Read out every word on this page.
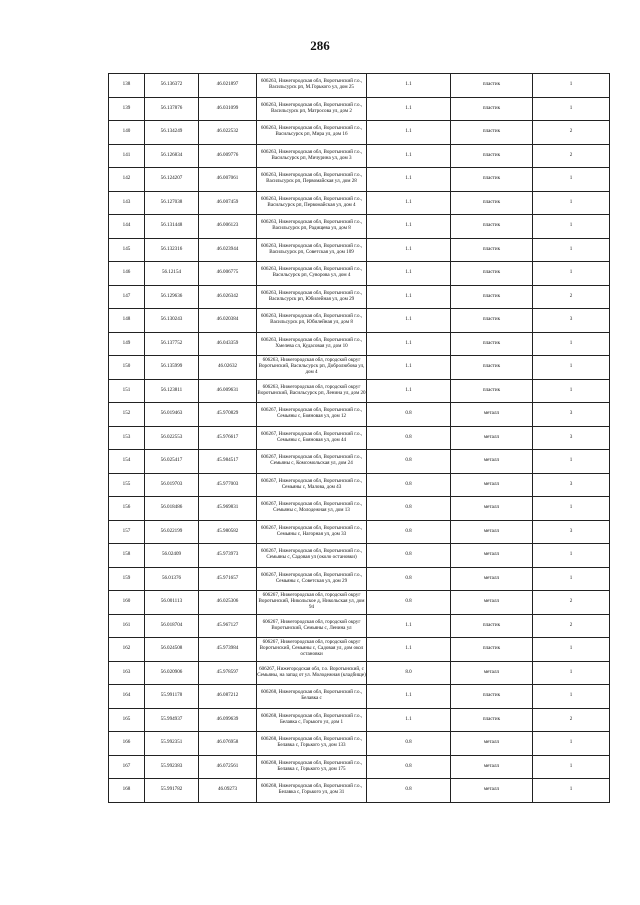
286
138	56.136372	46.021897	606263, Нижегородская обл, Воротынский г.о., Васильсурск рп, М.Горького ул, дом 25	1.1	пластик	1
139	56.137876	46.031099	606263, Нижегородская обл, Воротынский г.о., Васильсурск рп, Матросова ул, дом 2	1.1	пластик	1
140	56.134249	46.022532	606263, Нижегородская обл, Воротынский г.о., Васильсурск рп, Мира ул, дом 16	1.1	пластик	2
141	56.126834	46.009776	606263, Нижегородская обл, Воротынский г.о., Васильсурск рп, Мичурина ул, дом 3	1.1	пластик	2
142	56.124207	46.007061	606263, Нижегородская обл, Воротынский г.о., Васильсурск рп, Первомайская ул, дом 28	1.1	пластик	1
143	56.127038	46.007459	606263, Нижегородская обл, Воротынский г.о., Васильсурск рп, Первомайская ул, дом 4	1.1	пластик	1
144	56.131448	46.006123	606263, Нижегородская обл, Воротынский г.о., Васильсурск рп, Радищева ул, дом 8	1.1	пластик	1
145	56.132316	46.023944	606263, Нижегородская обл, Воротынский г.о., Васильсурск рп, Советская ул, дом 109	1.1	пластик	1
146	56.12154	46.006775	606263, Нижегородская обл, Воротынский г.о., Васильсурск рп, Суворова ул, дом 4	1.1	пластик	1
147	56.129636	46.026342	606263, Нижегородская обл, Воротынский г.о., Васильсурск рп, Юбилейная ул, дом 29	1.1	пластик	2
148	56.130243	46.020384	606263, Нижегородская обл, Воротынский г.о., Васильсурск рп, Юбилейная ул, дом 8	1.1	пластик	3
149	56.137752	46.043359	606263, Нижегородская обл, Воротынский г.о., Хмелева сл, Кудасовая ул, дом 10	1.1	пластик	1
150	56.135999	46.02632	606263, Нижегородская обл, городской округ Воротынский, Васильсурск рп, Добролюбова ул, дом 4	1.1	пластик	1
151	56.123811	46.009631	606263, Нижегородская обл, городской округ Воротынский, Васильсурск рп, Ленина ул, дом 20	1.1	пластик	1
152	56.019463	45.970829	606267, Нижегородская обл, Воротынский г.о., Семьяны с, Бояновая ул, дом 12	0.8	металл	3
153	56.022553	45.976617	606267, Нижегородская обл, Воротынский г.о., Семьяны с, Бояновая ул, дом 44	0.8	металл	3
154	56.025417	45.984517	606267, Нижегородская обл, Воротынский г.о., Семьяны с, Комсомольская ул, дом 24	0.8	металл	1
155	56.019703	45.977003	606267, Нижегородская обл, Воротынский г.о., Семьяны с, Малова, дом 43	0.8	металл	3
156	56.018486	45.969831	606267, Нижегородская обл, Воротынский г.о., Семьяны с, Молодежная ул, дом 13	0.8	металл	1
157	56.022199	45.980582	606267, Нижегородская обл, Воротынский г.о., Семьяны с, Нагорная ул, дом 33	0.8	металл	3
158	56.02409	45.973973	606267, Нижегородская обл, Воротынский г.о., Семьяны с, Садовая ул (около остановки)	0.8	металл	1
159	56.01376	45.971657	606267, Нижегородская обл, Воротынский г.о., Семьяны с, Советская ул, дом 29	0.8	металл	1
160	56.001113	46.025306	606267, Нижегородская обл, городской округ Воротынский, Никольское д, Никольская ул, дом 94	0.8	металл	2
161	56.018704	45.967127	606267, Нижегородская обл, городской округ Воротынский, Семьяны с, Ленина ул	1.1	пластик	2
162	56.024508	45.973984	606267, Нижегородская обл, городской округ Воротынский, Семьяны с, Садовая ул, дом окол остановки	1.1	пластик	1
163	56.020906	45.978597	606267, Нижегородская обл, г.о. Воротынский, с Семьяны, на запад от ул. Молодежная (кладбище)	8.0	металл	1
164	55.991178	46.087212	606268, Нижегородская обл, Воротынский г.о., Белавка с	1.1	пластик	1
165	55.994937	46.099639	606268, Нижегородская обл, Воротынский г.о., Белавка с, Горького ул, дом 1	1.1	пластик	2
166	55.992351	46.076958	606268, Нижегородская обл, Воротынский г.о., Белавка с, Горького ул, дом 133	0.8	металл	1
167	55.992383	46.072561	606268, Нижегородская обл, Воротынский г.о., Белавка с, Горького ул, дом 175	0.8	металл	1
168	55.991782	46.09273	606268, Нижегородская обл, Воротынский г.о., Белавка с, Горького ул, дом 31	0.8	металл	1
